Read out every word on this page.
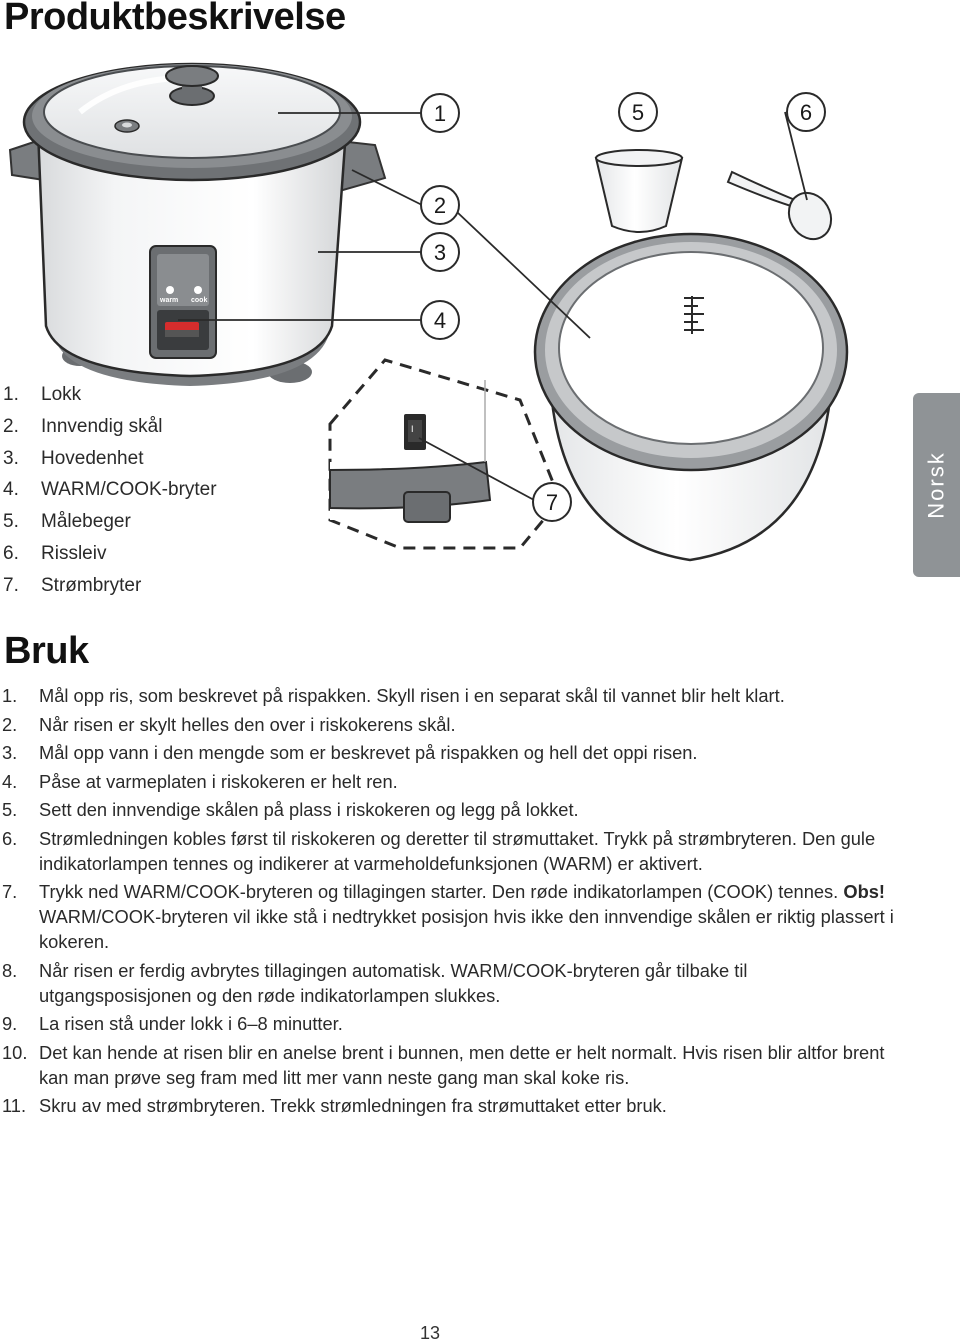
Produktbeskrivelse
warm cook
I
1
2
3
4
5	6
7
1.	Lokk
2.	Innvendig skål
3.	Hovedenhet
4.	WARM/COOK-bryter
5.	Målebeger
6.	Rissleiv
7.	Strømbryter
Norsk
Bruk
1.	Mål opp ris, som beskrevet på rispakken. Skyll risen i en separat skål til vannet blir helt klart.
2.	Når risen er skylt helles den over i riskokerens skål.
3.	Mål opp vann i den mengde som er beskrevet på rispakken og hell det oppi risen.
4.	Påse at varmeplaten i riskokeren er helt ren.
5.	Sett den innvendige skålen på plass i riskokeren og legg på lokket.
6.	Strømledningen kobles først til riskokeren og deretter til strømuttaket. Trykk på strømbryteren. Den gule indikatorlampen tennes og indikerer at varmeholdefunksjonen (WARM) er aktivert.
7.	Trykk ned WARM/COOK-bryteren og tillagingen starter. Den røde indikatorlampen (COOK) tennes. Obs! WARM/COOK-bryteren vil ikke stå i nedtrykket posisjon hvis ikke den innvendige skålen er riktig plassert i kokeren.
8.	Når risen er ferdig avbrytes tillagingen automatisk. WARM/COOK-bryteren går tilbake til utgangsposisjonen og den røde indikatorlampen slukkes.
9.	La risen stå under lokk i 6–8 minutter.
10. Det kan hende at risen blir en anelse brent i bunnen, men dette er helt normalt. Hvis risen blir altfor brent kan man prøve seg fram med litt mer vann neste gang man skal koke ris.
11. Skru av med strømbryteren. Trekk strømledningen fra strømuttaket etter bruk.
13
